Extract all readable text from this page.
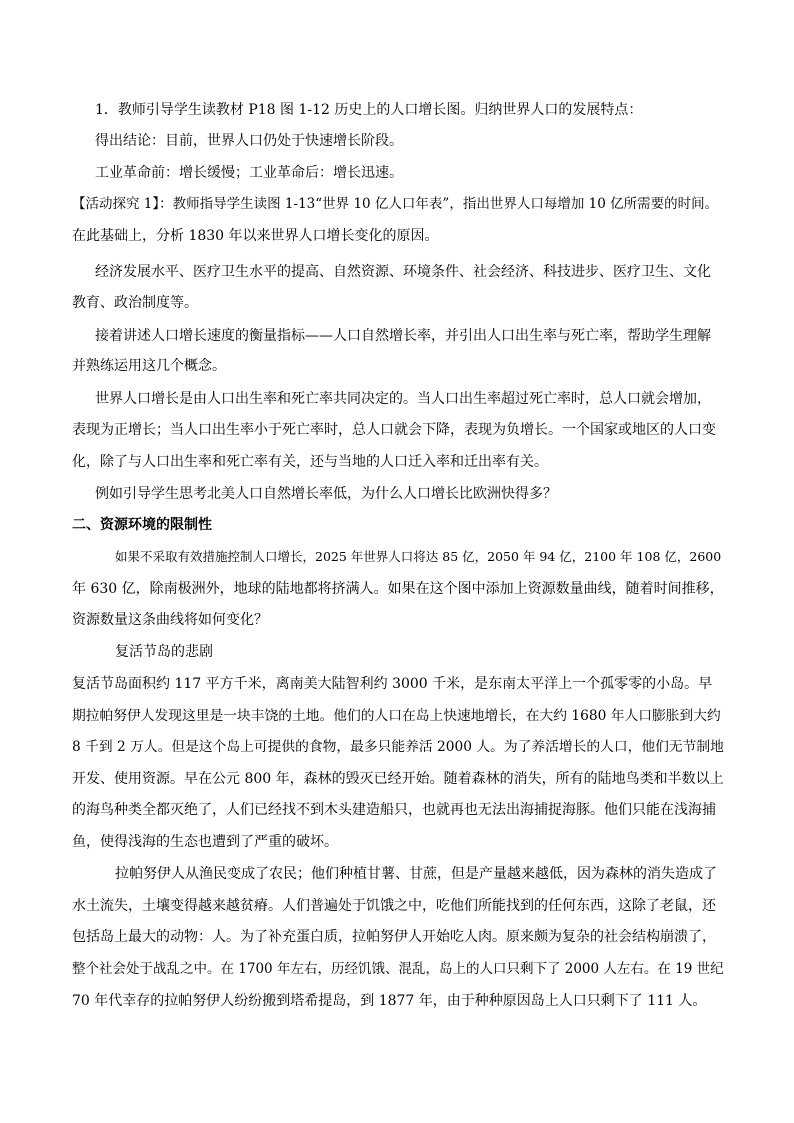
1．教师引导学生读教材 P18 图 1-12 历史上的人口增长图。归纳世界人口的发展特点：

得出结论：目前，世界人口仍处于快速增长阶段。

工业革命前：增长缓慢；工业革命后：增长迅速。

【活动探究 1】：教师指导学生读图 1-13“世界 10 亿人口年表”，指出世界人口每增加 10 亿所需要的时间。

在此基础上，分析 1830 年以来世界人口增长变化的原因。

经济发展水平、医疗卫生水平的提高、自然资源、环境条件、社会经济、科技进步、医疗卫生、文化

教育、政治制度等。

接着讲述人口增长速度的衡量指标——人口自然增长率，并引出人口出生率与死亡率，帮助学生理解

并熟练运用这几个概念。

世界人口增长是由人口出生率和死亡率共同决定的。当人口出生率超过死亡率时，总人口就会增加，

表现为正增长；当人口出生率小于死亡率时，总人口就会下降，表现为负增长。一个国家或地区的人口变

化，除了与人口出生率和死亡率有关，还与当地的人口迁入率和迁出率有关。

例如引导学生思考北美人口自然增长率低，为什么人口增长比欧洲快得多？

二、资源环境的限制性

如果不采取有效措施控制人口增长，2025 年世界人口将达 85 亿，2050 年 94 亿，2100 年 108 亿，2600

年 630 亿，除南极洲外，地球的陆地都将挤满人。如果在这个图中添加上资源数量曲线，随着时间推移，

资源数量这条曲线将如何变化？

复活节岛的悲剧

复活节岛面积约 117 平方千米，离南美大陆智利约 3000 千米，是东南太平洋上一个孤零零的小岛。早

期拉帕努伊人发现这里是一块丰饶的土地。他们的人口在岛上快速地增长，在大约 1680 年人口膨胀到大约

8 千到 2 万人。但是这个岛上可提供的食物，最多只能养活 2000 人。为了养活增长的人口，他们无节制地

开发、使用资源。早在公元 800 年，森林的毁灭已经开始。随着森林的消失，所有的陆地鸟类和半数以上

的海鸟种类全都灭绝了，人们已经找不到木头建造船只，也就再也无法出海捕捉海豚。他们只能在浅海捕

鱼，使得浅海的生态也遭到了严重的破坏。

拉帕努伊人从渔民变成了农民；他们种植甘薯、甘蔗，但是产量越来越低，因为森林的消失造成了

水土流失，土壤变得越来越贫瘠。人们普遍处于饥饿之中，吃他们所能找到的任何东西，这除了老鼠，还

包括岛上最大的动物：人。为了补充蛋白质，拉帕努伊人开始吃人肉。原来颇为复杂的社会结构崩溃了，

整个社会处于战乱之中。在 1700 年左右，历经饥饿、混乱，岛上的人口只剩下了 2000 人左右。在 19 世纪

70 年代幸存的拉帕努伊人纷纷搬到塔希提岛，到 1877 年，由于种种原因岛上人口只剩下了 111 人。
